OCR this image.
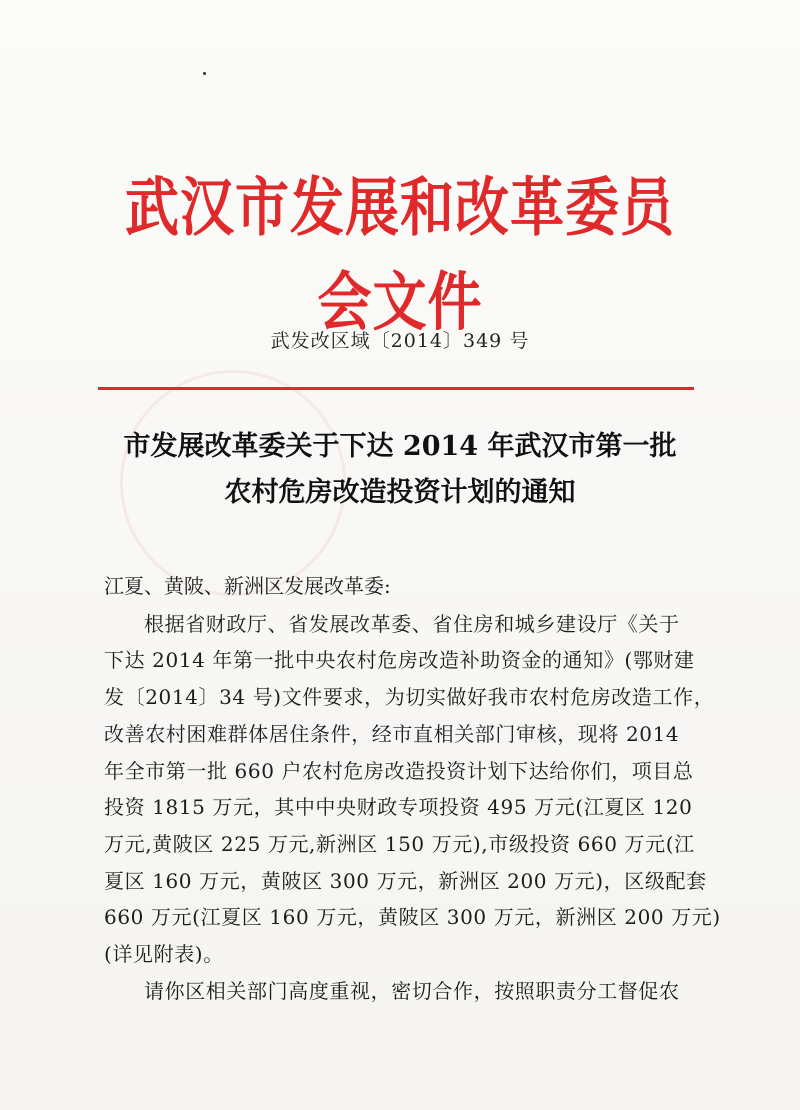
武汉市发展和改革委员会文件
武发改区域〔2014〕349 号
市发展改革委关于下达 2014 年武汉市第一批
农村危房改造投资计划的通知
江夏、黄陂、新洲区发展改革委:
根据省财政厅、省发展改革委、省住房和城乡建设厅《关于
下达 2014 年第一批中央农村危房改造补助资金的通知》(鄂财建
发〔2014〕34 号)文件要求，为切实做好我市农村危房改造工作，
改善农村困难群体居住条件，经市直相关部门审核，现将 2014
年全市第一批 660 户农村危房改造投资计划下达给你们，项目总
投资 1815 万元，其中中央财政专项投资 495 万元(江夏区 120
万元,黄陂区 225 万元,新洲区 150 万元),市级投资 660 万元(江
夏区 160 万元，黄陂区 300 万元，新洲区 200 万元)，区级配套
660 万元(江夏区 160 万元，黄陂区 300 万元，新洲区 200 万元)
(详见附表)。
请你区相关部门高度重视，密切合作，按照职责分工督促农
